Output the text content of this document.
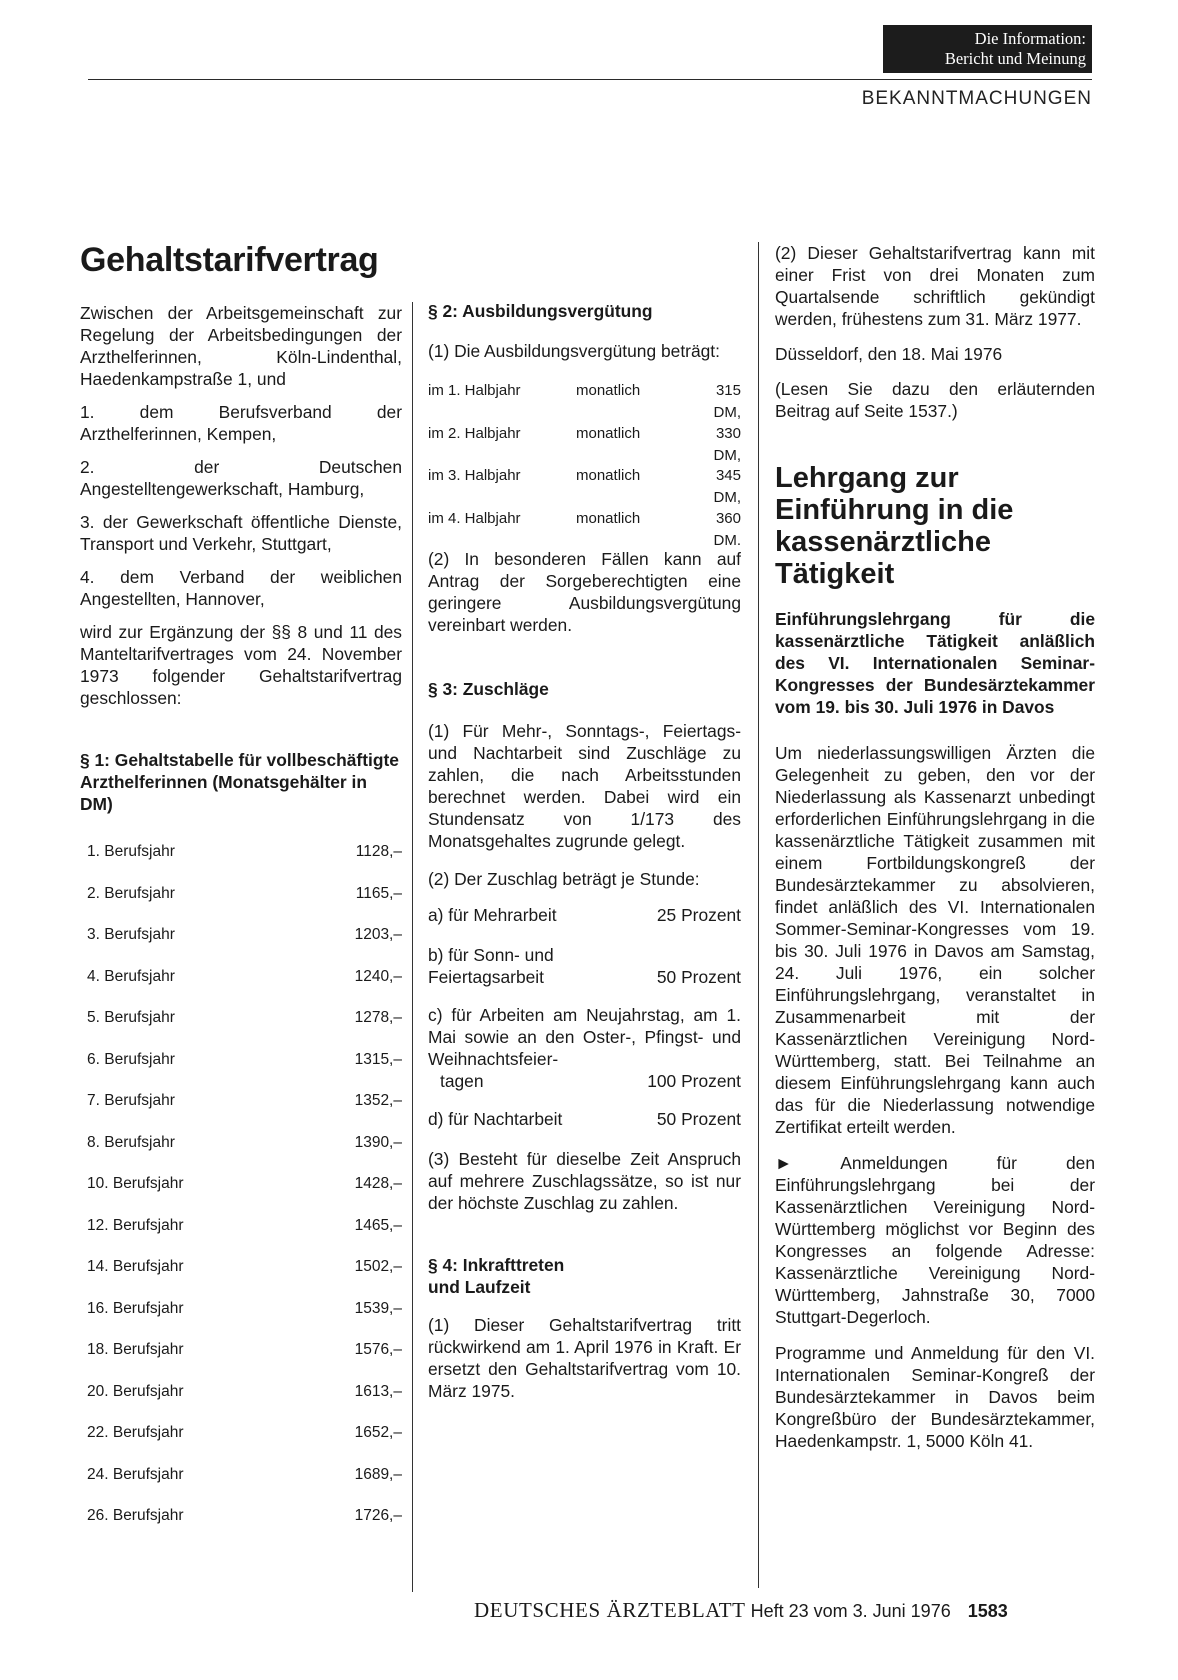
Die Information:
Bericht und Meinung
BEKANNTMACHUNGEN
Gehaltstarifvertrag

Zwischen der Arbeitsgemeinschaft zur Regelung der Arbeitsbedingungen der Arzthelferinnen, Köln-Lindenthal, Haedenkampstraße 1, und

1. dem Berufsverband der Arzthelferinnen, Kempen,

2. der Deutschen Angestelltengewerkschaft, Hamburg,

3. der Gewerkschaft öffentliche Dienste, Transport und Verkehr, Stuttgart,

4. dem Verband der weiblichen Angestellten, Hannover,

wird zur Ergänzung der §§ 8 und 11 des Manteltarifvertrages vom 24. November 1973 folgender Gehaltstarifvertrag geschlossen:

§ 1: Gehaltstabelle für vollbeschäftigte Arzthelferinnen (Monatsgehälter in DM)
1. Berufsjahr	1128,–
2. Berufsjahr	1165,–
3. Berufsjahr	1203,–
4. Berufsjahr	1240,–
5. Berufsjahr	1278,–
6. Berufsjahr	1315,–
7. Berufsjahr	1352,–
8. Berufsjahr	1390,–
10. Berufsjahr	1428,–
12. Berufsjahr	1465,–
14. Berufsjahr	1502,–
16. Berufsjahr	1539,–
18. Berufsjahr	1576,–
20. Berufsjahr	1613,–
22. Berufsjahr	1652,–
24. Berufsjahr	1689,–
26. Berufsjahr	1726,–
§ 2: Ausbildungsvergütung

(1) Die Ausbildungsvergütung beträgt:

im 1. Halbjahr	monatlich	315 DM,
im 2. Halbjahr	monatlich	330 DM,
im 3. Halbjahr	monatlich	345 DM,
im 4. Halbjahr	monatlich	360 DM.

(2) In besonderen Fällen kann auf Antrag der Sorgeberechtigten eine geringere Ausbildungsvergütung vereinbart werden.

§ 3: Zuschläge

(1) Für Mehr-, Sonntags-, Feiertags- und Nachtarbeit sind Zuschläge zu zahlen, die nach Arbeitsstunden berechnet werden. Dabei wird ein Stundensatz von 1/173 des Monatsgehaltes zugrunde gelegt.

(2) Der Zuschlag beträgt je Stunde:

a) für Mehrarbeit	25 Prozent
b) für Sonn- und
Feiertagsarbeit	50 Prozent
c) für Arbeiten am Neujahrstag, am 1. Mai sowie an den Oster-, Pfingst- und Weihnachtsfeier-
tagen	100 Prozent
d) für Nachtarbeit	50 Prozent

(3) Besteht für dieselbe Zeit Anspruch auf mehrere Zuschlagssätze, so ist nur der höchste Zuschlag zu zahlen.

§ 4: Inkrafttreten
und Laufzeit

(1) Dieser Gehaltstarifvertrag tritt rückwirkend am 1. April 1976 in Kraft. Er ersetzt den Gehaltstarifvertrag vom 10. März 1975.

(2) Dieser Gehaltstarifvertrag kann mit einer Frist von drei Monaten zum Quartalsende schriftlich gekündigt werden, frühestens zum 31. März 1977.

Düsseldorf, den 18. Mai 1976

(Lesen Sie dazu den erläuternden Beitrag auf Seite 1537.)

Lehrgang zur Einführung in die kassenärztliche Tätigkeit

Einführungslehrgang für die kassenärztliche Tätigkeit anläßlich des VI. Internationalen Seminar-Kongresses der Bundesärztekammer vom 19. bis 30. Juli 1976 in Davos

Um niederlassungswilligen Ärzten die Gelegenheit zu geben, den vor der Niederlassung als Kassenarzt unbedingt erforderlichen Einführungslehrgang in die kassenärztliche Tätigkeit zusammen mit einem Fortbildungskongreß der Bundesärztekammer zu absolvieren, findet anläßlich des VI. Internationalen Sommer-Seminar-Kongresses vom 19. bis 30. Juli 1976 in Davos am Samstag, 24. Juli 1976, ein solcher Einführungslehrgang, veranstaltet in Zusammenarbeit mit der Kassenärztlichen Vereinigung Nord-Württemberg, statt. Bei Teilnahme an diesem Einführungslehrgang kann auch das für die Niederlassung notwendige Zertifikat erteilt werden.

►	Anmeldungen für den Einführungslehrgang bei der Kassenärztlichen Vereinigung Nord-Württemberg möglichst vor Beginn des Kongresses an folgende Adresse: Kassenärztliche Vereinigung Nord-Württemberg, Jahnstraße 30, 7000 Stuttgart-Degerloch.

Programme und Anmeldung für den VI. Internationalen Seminar-Kongreß der Bundesärztekammer in Davos beim Kongreßbüro der Bundesärztekammer, Haedenkampstr. 1, 5000 Köln 41.

DEUTSCHES ÄRZTEBLATT Heft 23 vom 3. Juni 1976 1583
